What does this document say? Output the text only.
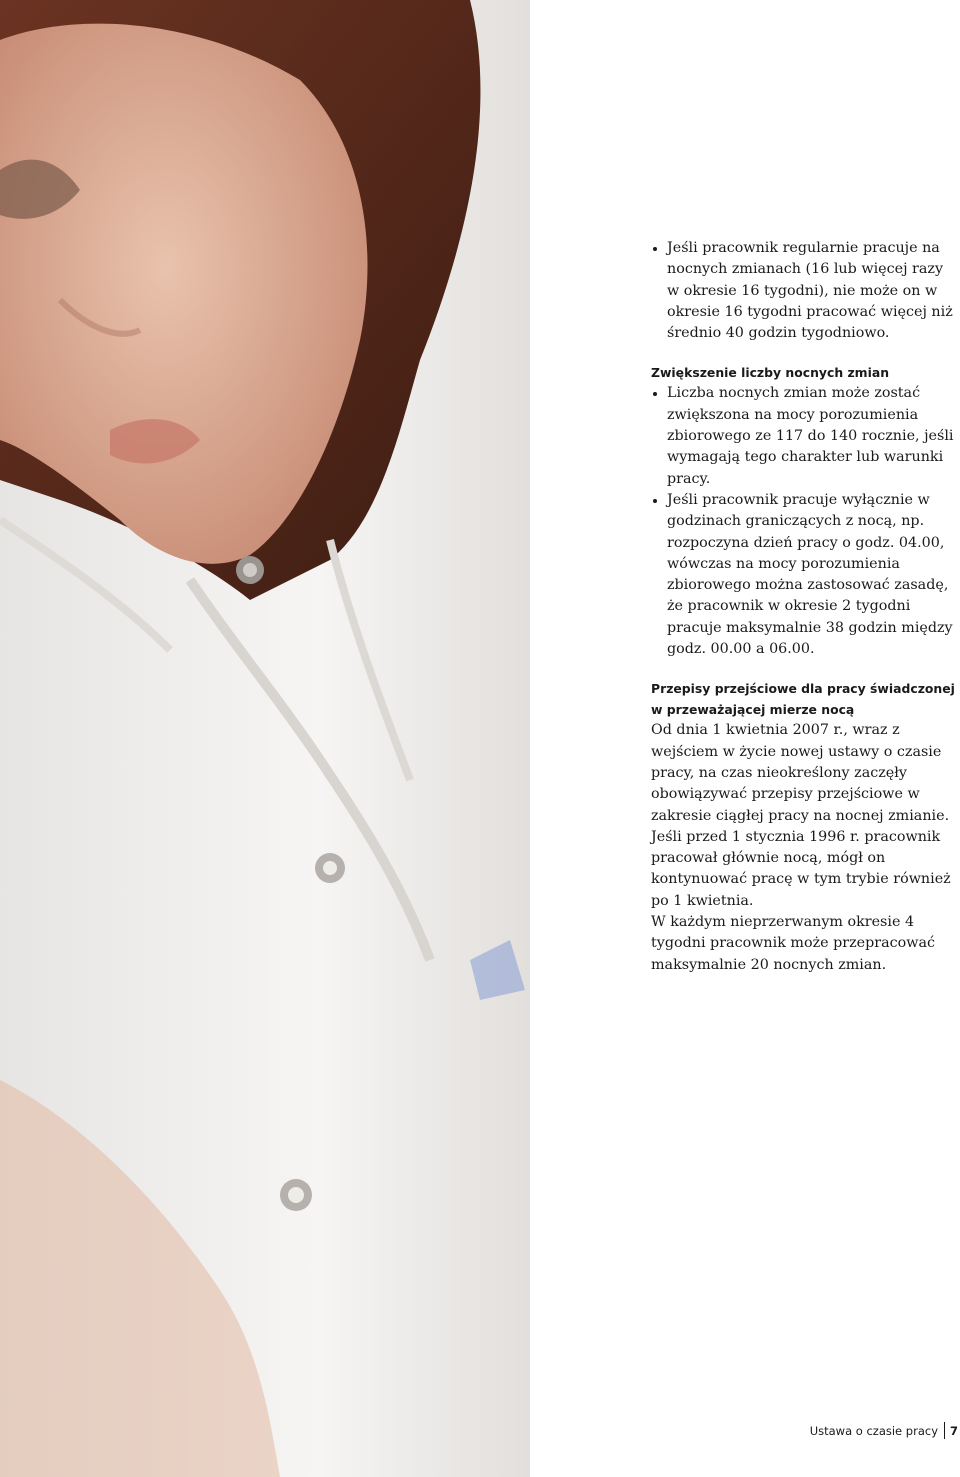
Jeśli pracownik regularnie pracuje na nocnych zmianach (16 lub więcej razy w okresie 16 tygodni), nie może on w okresie 16 tygodni pracować więcej niż średnio 40 godzin tygodniowo.

Zwiększenie liczby nocnych zmian

Liczba nocnych zmian może zostać zwiększona na mocy porozumienia zbiorowego ze 117 do 140 rocznie, jeśli wymagają tego charakter lub warunki pracy.
Jeśli pracownik pracuje wyłącznie w godzinach graniczących z nocą, np. rozpoczyna dzień pracy o godz. 04.00, wówczas na mocy porozumienia zbiorowego można zastosować zasadę, że pracownik w okresie 2 tygodni pracuje maksymalnie 38 godzin między godz. 00.00 a 06.00.

Przepisy przejściowe dla pracy świadczonej w przeważającej mierze nocą

Od dnia 1 kwietnia 2007 r., wraz z wejściem w życie nowej ustawy o czasie pracy, na czas nieokreślony zaczęły obowiązywać przepisy przejściowe w zakresie ciągłej pracy na nocnej zmianie. Jeśli przed 1 stycznia 1996 r. pracownik pracował głównie nocą, mógł on kontynuować pracę w tym trybie również po 1 kwietnia.

W każdym nieprzerwanym okresie 4 tygodni pracownik może przepracować maksymalnie 20 nocnych zmian.

Ustawa o czasie pracy 7
